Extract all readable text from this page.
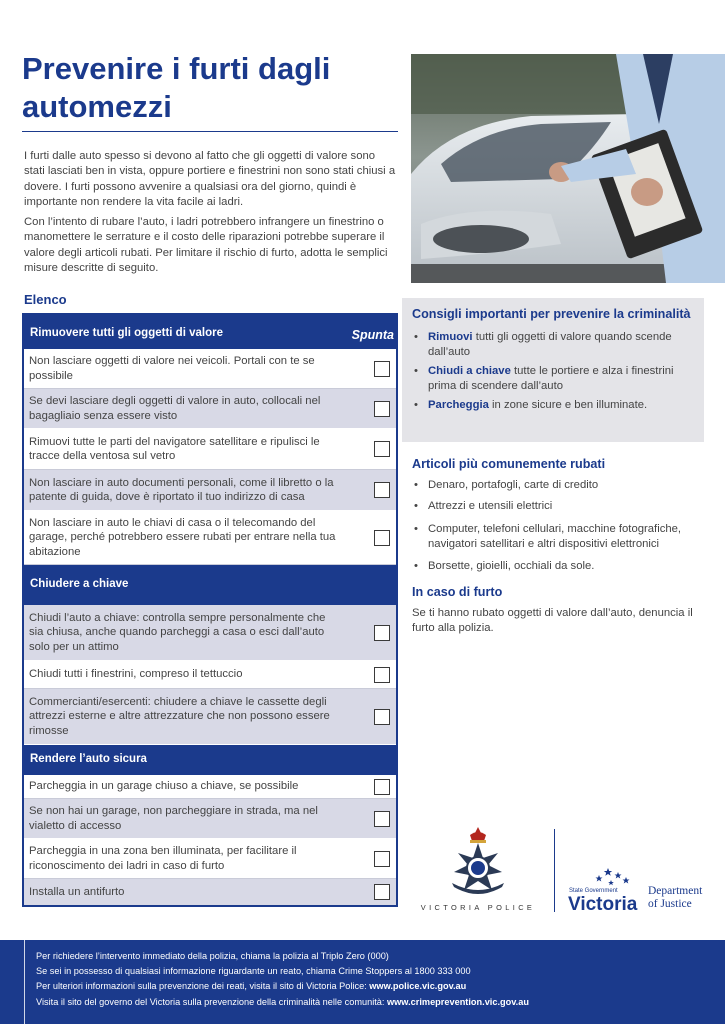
Prevenire i furti dagli automezzi

I furti dalle auto spesso si devono al fatto che gli oggetti di valore sono stati lasciati ben in vista, oppure portiere e finestrini non sono stati chiusi a dovere. I furti possono avvenire a qualsiasi ora del giorno, quindi è importante non rendere la vita facile ai ladri.

Con l’intento di rubare l’auto, i ladri potrebbero infrangere un finestrino o manomettere le serrature e il costo delle riparazioni potrebbe superare il valore degli articoli rubati. Per limitare il rischio di furto, adotta le semplici misure descritte di seguito.

Elenco
Rimuovere tutti gli oggetti di valore	Spunta
Non lasciare oggetti di valore nei veicoli. Portali con te se possibile
Se devi lasciare degli oggetti di valore in auto, collocali nel bagagliaio senza essere visto
Rimuovi tutte le parti del navigatore satellitare e ripulisci le tracce della ventosa sul vetro
Non lasciare in auto documenti personali, come il libretto o la patente di guida, dove è riportato il tuo indirizzo di casa
Non lasciare in auto le chiavi di casa o il telecomando del garage, perché potrebbero essere rubati per entrare nella tua abitazione
Chiudere a chiave
Chiudi l’auto a chiave: controlla sempre personalmente che sia chiusa, anche quando parcheggi a casa o esci dall’auto solo per un attimo
Chiudi tutti i finestrini, compreso il tettuccio
Commercianti/esercenti: chiudere a chiave le cassette degli attrezzi esterne e altre attrezzature che non possono essere rimosse
Rendere l’auto sicura
Parcheggia in un garage chiuso a chiave, se possibile
Se non hai un garage, non parcheggiare in strada, ma nel vialetto di accesso
Parcheggia in una zona ben illuminata, per facilitare il riconoscimento dei ladri in caso di furto
Installa un antifurto
Consigli importanti per prevenire la criminalità
• Rimuovi tutti gli oggetti di valore quando scende dall’auto
• Chiudi a chiave tutte le portiere e alza i finestrini prima di scendere dall’auto
• Parcheggia in zone sicure e ben illuminate.
Articoli più comunemente rubati
• Denaro, portafogli, carte di credito
• Attrezzi e utensili elettrici
• Computer, telefoni cellulari, macchine fotografiche, navigatori satellitari e altri dispositivi elettronici
• Borsette, gioielli, occhiali da sole.
In caso di furto

Se ti hanno rubato oggetti di valore dall’auto, denuncia il furto alla polizia.

VICTORIA POLICE
State Government
Victoria
Department
of Justice
Per richiedere l’intervento immediato della polizia, chiama la polizia al Triplo Zero (000)
Se sei in possesso di qualsiasi informazione riguardante un reato, chiama Crime Stoppers al 1800 333 000
Per ulteriori informazioni sulla prevenzione dei reati, visita il sito di Victoria Police: www.police.vic.gov.au
Visita il sito del governo del Victoria sulla prevenzione della criminalità nelle comunità: www.crimeprevention.vic.gov.au
